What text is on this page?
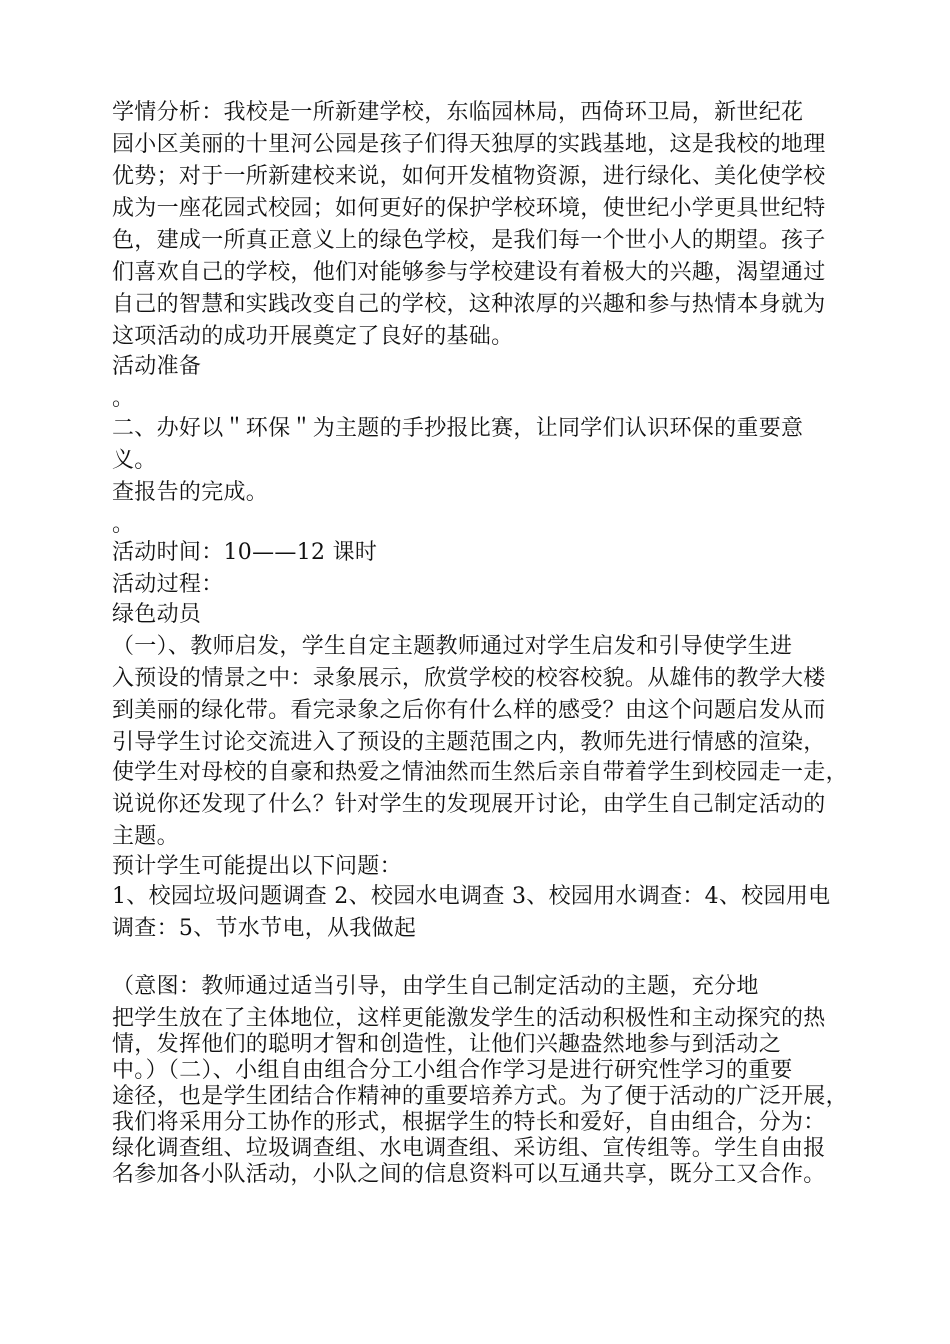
学情分析：我校是一所新建学校，东临园林局，西倚环卫局，新世纪花
园小区美丽的十里河公园是孩子们得天独厚的实践基地，这是我校的地理
优势；对于一所新建校来说，如何开发植物资源，进行绿化、美化使学校
成为一座花园式校园；如何更好的保护学校环境，使世纪小学更具世纪特
色，建成一所真正意义上的绿色学校，是我们每一个世小人的期望。孩子
们喜欢自己的学校，他们对能够参与学校建设有着极大的兴趣，渴望通过
自己的智慧和实践改变自己的学校，这种浓厚的兴趣和参与热情本身就为
这项活动的成功开展奠定了良好的基础。
活动准备
。
二、办好以＂环保＂为主题的手抄报比赛，让同学们认识环保的重要意
义。
查报告的完成。
。
活动时间：10——12 课时
活动过程：
绿色动员
（一）、教师启发，学生自定主题教师通过对学生启发和引导使学生进
入预设的情景之中：录象展示，欣赏学校的校容校貌。从雄伟的教学大楼
到美丽的绿化带。看完录象之后你有什么样的感受？由这个问题启发从而
引导学生讨论交流进入了预设的主题范围之内，教师先进行情感的渲染，
使学生对母校的自豪和热爱之情油然而生然后亲自带着学生到校园走一走，
说说你还发现了什么？针对学生的发现展开讨论，由学生自己制定活动的
主题。
预计学生可能提出以下问题：
1、校园垃圾问题调查 2、校园水电调查 3、校园用水调查：4、校园用电
调查：5、节水节电，从我做起
（意图：教师通过适当引导，由学生自己制定活动的主题，充分地
把学生放在了主体地位，这样更能激发学生的活动积极性和主动探究的热
情，发挥他们的聪明才智和创造性，让他们兴趣盎然地参与到活动之
中。）（二）、小组自由组合分工小组合作学习是进行研究性学习的重要
途径，也是学生团结合作精神的重要培养方式。为了便于活动的广泛开展，
我们将采用分工协作的形式，根据学生的特长和爱好，自由组合，分为：
绿化调查组、垃圾调查组、水电调查组、采访组、宣传组等。学生自由报
名参加各小队活动，小队之间的信息资料可以互通共享，既分工又合作。
